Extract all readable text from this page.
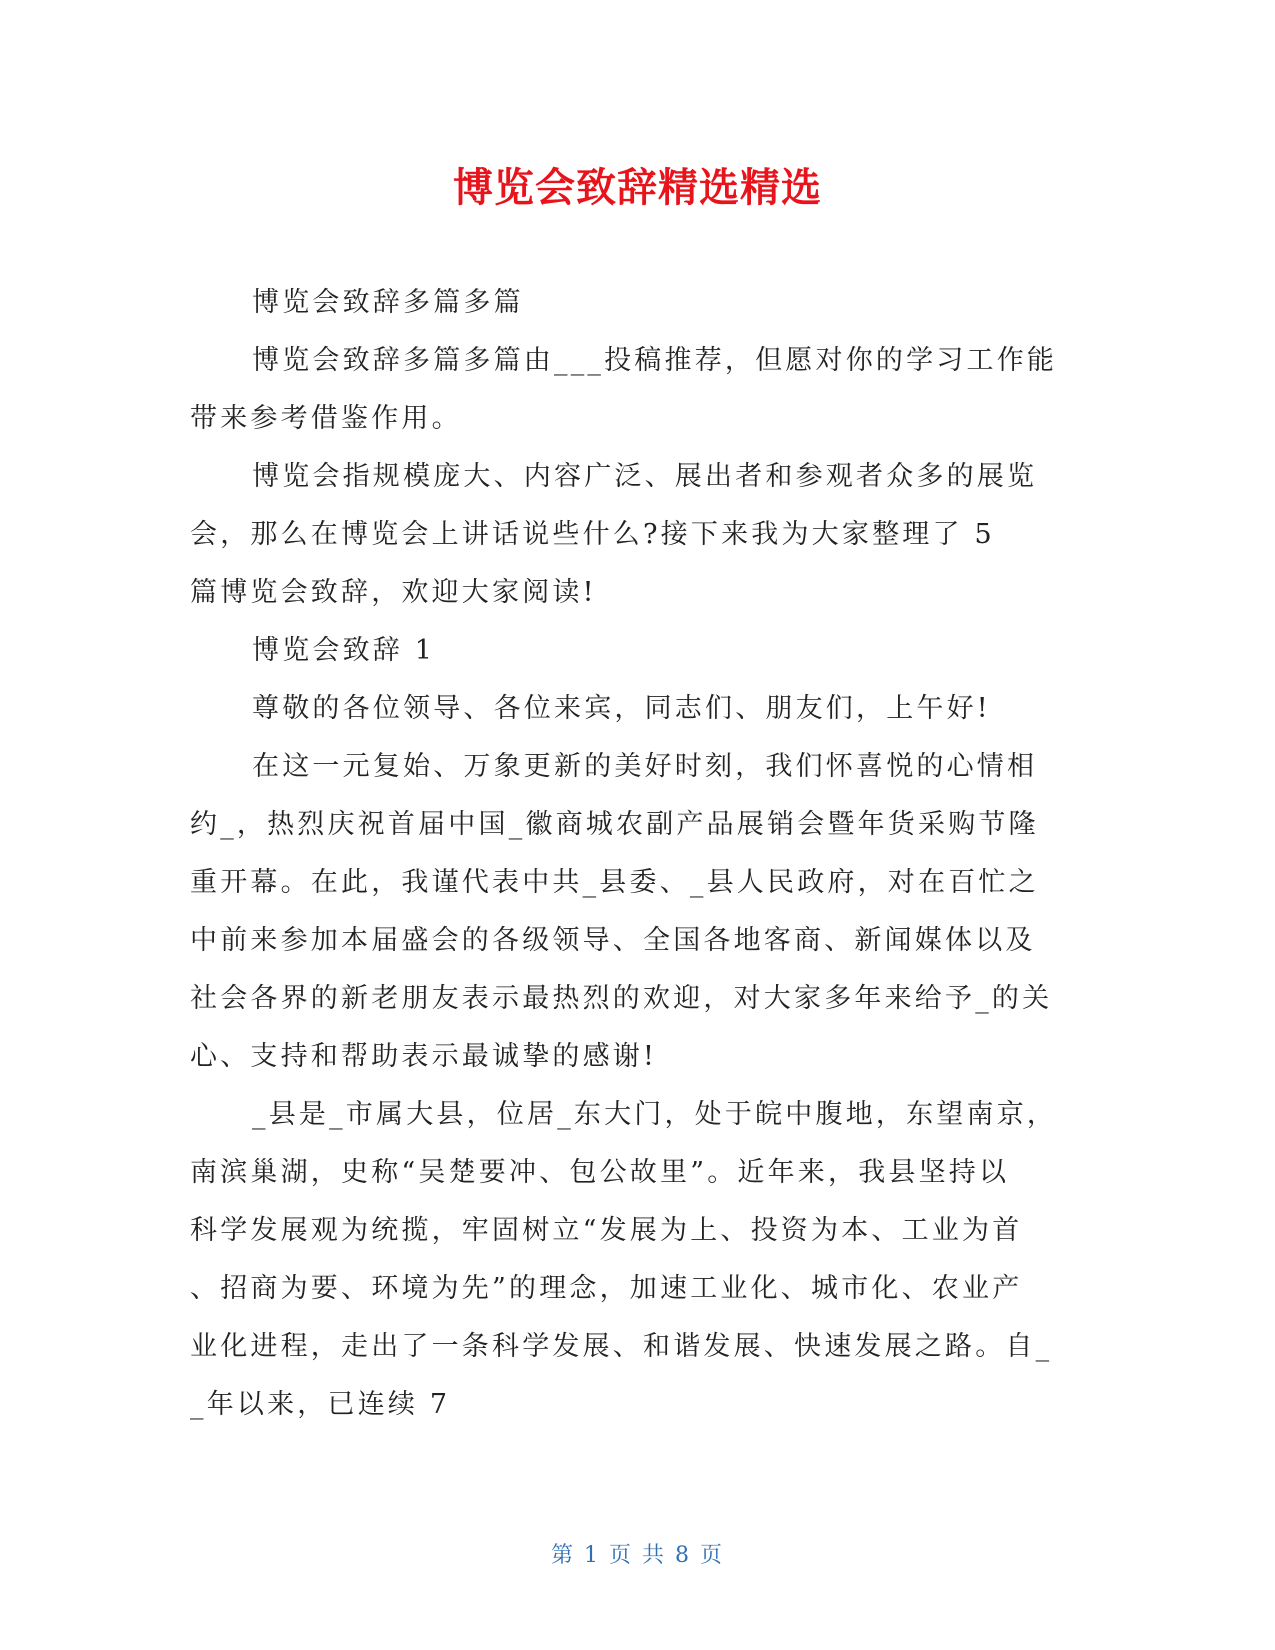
博览会致辞精选精选

博览会致辞多篇多篇

博览会致辞多篇多篇由___投稿推荐，但愿对你的学习工作能

带来参考借鉴作用。

博览会指规模庞大、内容广泛、展出者和参观者众多的展览

会，那么在博览会上讲话说些什么?接下来我为大家整理了 5

篇博览会致辞，欢迎大家阅读!

博览会致辞 1

尊敬的各位领导、各位来宾，同志们、朋友们，上午好!

在这一元复始、万象更新的美好时刻，我们怀喜悦的心情相

约_，热烈庆祝首届中国_徽商城农副产品展销会暨年货采购节隆

重开幕。在此，我谨代表中共_县委、_县人民政府，对在百忙之

中前来参加本届盛会的各级领导、全国各地客商、新闻媒体以及

社会各界的新老朋友表示最热烈的欢迎，对大家多年来给予_的关

心、支持和帮助表示最诚挚的感谢!

_县是_市属大县，位居_东大门，处于皖中腹地，东望南京，

南滨巢湖，史称“吴楚要冲、包公故里”。近年来，我县坚持以

科学发展观为统揽，牢固树立“发展为上、投资为本、工业为首

、招商为要、环境为先”的理念，加速工业化、城市化、农业产

业化进程，走出了一条科学发展、和谐发展、快速发展之路。自_

_年以来，已连续 7

第 1 页 共 8 页
